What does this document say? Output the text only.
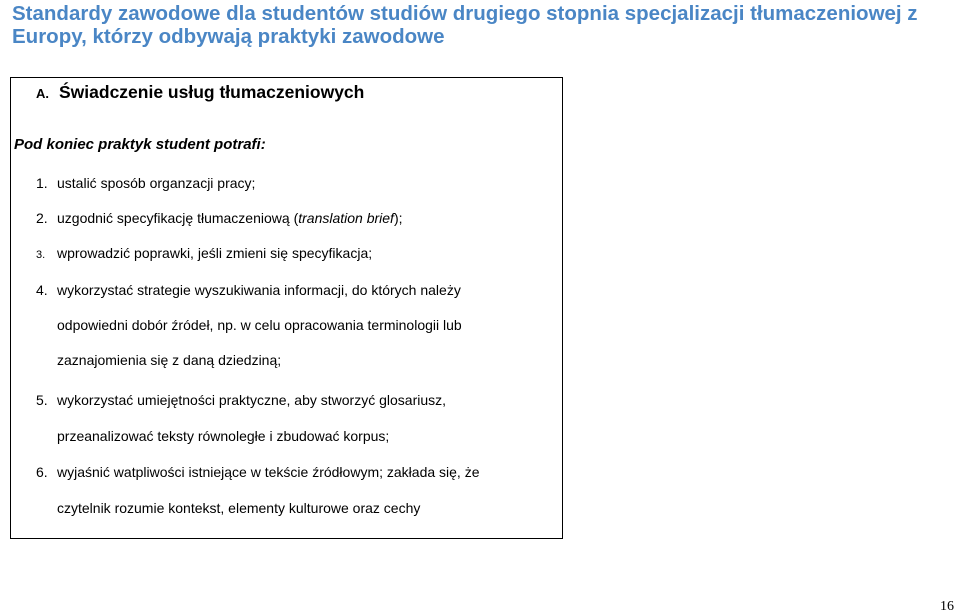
Standardy zawodowe dla studentów studiów drugiego stopnia specjalizacji tłumaczeniowej z Europy, którzy odbywają praktyki zawodowe
A. Świadczenie usług tłumaczeniowych

Pod koniec praktyk student potrafi:

1. ustalić sposób organzacji pracy;
2. uzgodnić specyfikację tłumaczeniową (translation brief);
3. wprowadzić poprawki, jeśli zmieni się specyfikacja;
4. wykorzystać strategie wyszukiwania informacji, do których należy
odpowiedni dobór źródeł, np. w celu opracowania terminologii lub
zaznajomienia się z daną dziedziną;
5. wykorzystać umiejętności praktyczne, aby stworzyć glosariusz,
przeanalizować teksty równoległe i zbudować korpus;
6. wyjaśnić watpliwości istniejące w tekście źródłowym; zakłada się, że
czytelnik rozumie kontekst, elementy kulturowe oraz cechy
16
